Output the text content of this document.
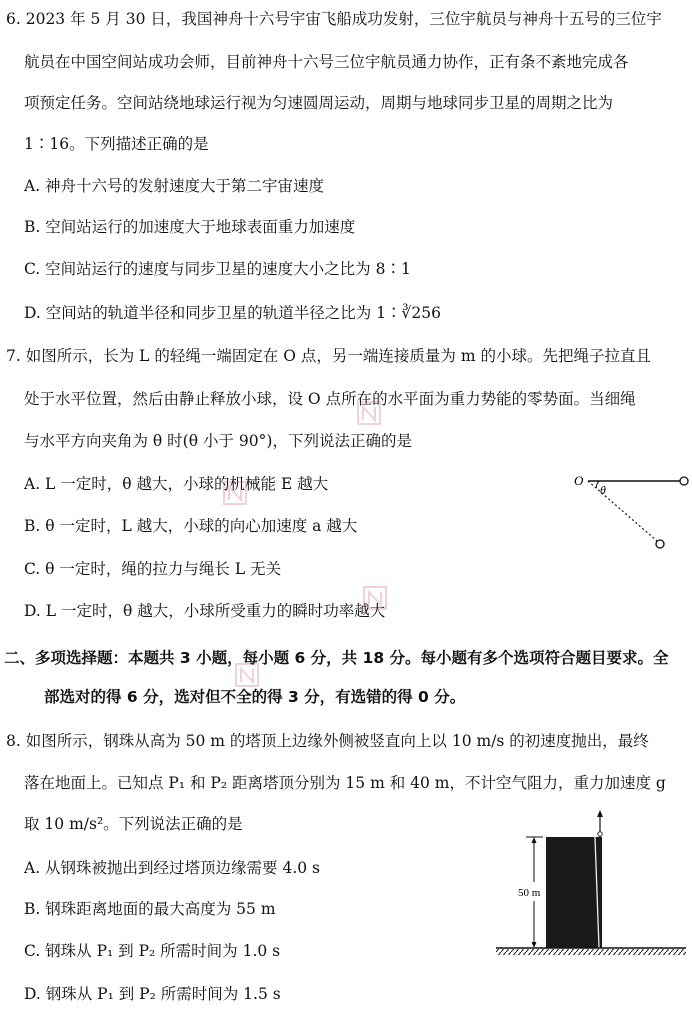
6. 2023 年 5 月 30 日，我国神舟十六号宇宙飞船成功发射，三位宇航员与神舟十五号的三位宇
航员在中国空间站成功会师，目前神舟十六号三位宇航员通力协作，正有条不紊地完成各
项预定任务。空间站绕地球运行视为匀速圆周运动，周期与地球同步卫星的周期之比为
1∶16。下列描述正确的是
A. 神舟十六号的发射速度大于第二宇宙速度
B. 空间站运行的加速度大于地球表面重力加速度
C. 空间站运行的速度与同步卫星的速度大小之比为 8∶1
D. 空间站的轨道半径和同步卫星的轨道半径之比为 1∶∛256
7. 如图所示，长为 L 的轻绳一端固定在 O 点，另一端连接质量为 m 的小球。先把绳子拉直且
处于水平位置，然后由静止释放小球，设 O 点所在的水平面为重力势能的零势面。当细绳
与水平方向夹角为 θ 时(θ 小于 90°)，下列说法正确的是
A. L 一定时，θ 越大，小球的机械能 E 越大
B. θ 一定时，L 越大，小球的向心加速度 a 越大
C. θ 一定时，绳的拉力与绳长 L 无关
D. L 一定时，θ 越大，小球所受重力的瞬时功率越大
O
θ
二、多项选择题：本题共 3 小题，每小题 6 分，共 18 分。每小题有多个选项符合题目要求。全
部选对的得 6 分，选对但不全的得 3 分，有选错的得 0 分。
8. 如图所示，钢珠从高为 50 m 的塔顶上边缘外侧被竖直向上以 10 m/s 的初速度抛出，最终
落在地面上。已知点 P₁ 和 P₂ 距离塔顶分别为 15 m 和 40 m，不计空气阻力，重力加速度 g
取 10 m/s²。下列说法正确的是
A. 从钢珠被抛出到经过塔顶边缘需要 4.0 s
B. 钢珠距离地面的最大高度为 55 m
C. 钢珠从 P₁ 到 P₂ 所需时间为 1.0 s
D. 钢珠从 P₁ 到 P₂ 所需时间为 1.5 s
50 m
